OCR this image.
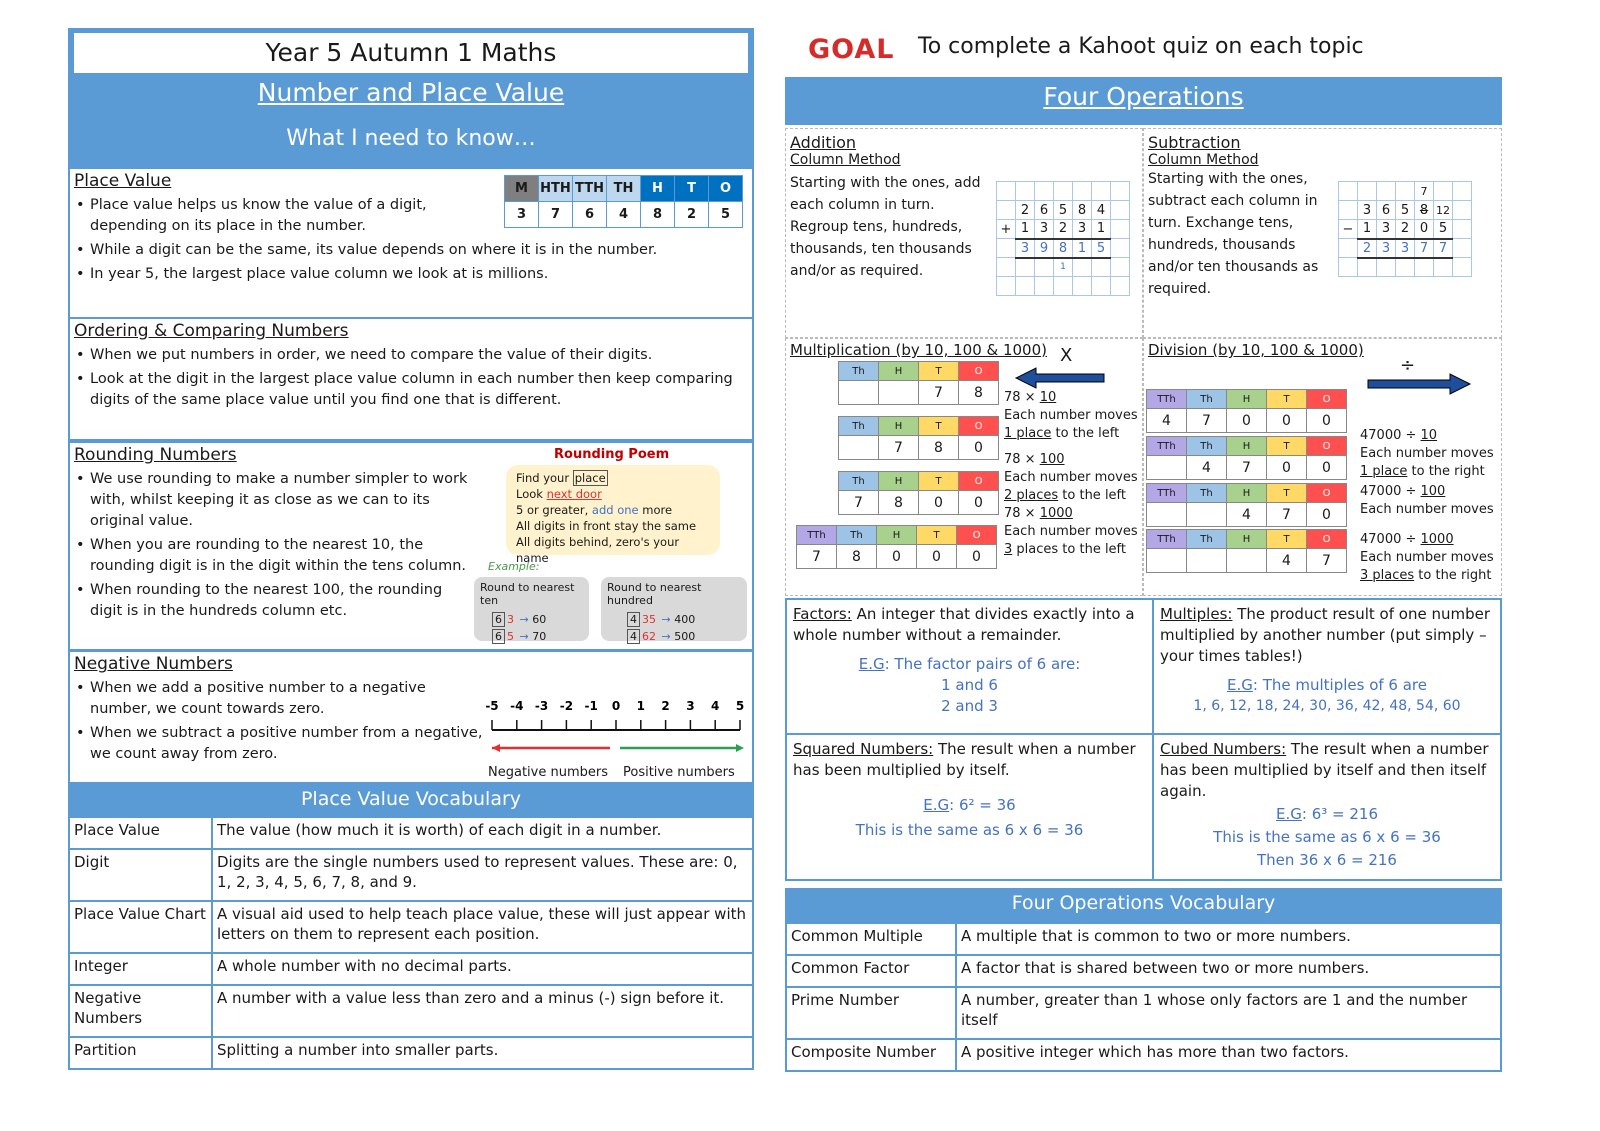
Year 5 Autumn 1 Maths
Number and Place Value
What I need to know…
Place Value
• Place value helps us know the value of a digit, depending on its place in the number.
• While a digit can be the same, its value depends on where it is in the number.
• In year 5, the largest place value column we look at is millions.
M	HTH	TTH	TH	H	T	O
3	7	6	4	8	2	5
Ordering & Comparing Numbers
• When we put numbers in order, we need to compare the value of their digits.
• Look at the digit in the largest place value column in each number then keep comparing digits of the same place value until you find one that is different.
Rounding Numbers
• We use rounding to make a number simpler to work with, whilst keeping it as close as we can to its original value.
• When you are rounding to the nearest 10, the rounding digit is in the digit within the tens column.
• When rounding to the nearest 100, the rounding digit is in the hundreds column etc.
Rounding Poem
Find your place
Look next door
5 or greater, add one more
All digits in front stay the same
All digits behind, zero's your name
Example:
Round to nearest ten
6 3 → 60
6 5 → 70
Round to nearest hundred
4 35 → 400
4 62 → 500
Negative Numbers
• When we add a positive number to a negative number, we count towards zero.
• When we subtract a positive number from a negative, we count away from zero.
-5 -4 -3 -2 -1 0 1 2 3 4 5
Negative numbers Positive numbers
Place Value Vocabulary
Place Value	The value (how much it is worth) of each digit in a number.
Digit	Digits are the single numbers used to represent values. These are: 0, 1, 2, 3, 4, 5, 6, 7, 8, and 9.
Place Value Chart	A visual aid used to help teach place value, these will just appear with letters on them to represent each position.
Integer	A whole number with no decimal parts.
Negative Numbers	A number with a value less than zero and a minus (-) sign before it.
Partition	Splitting a number into smaller parts.
GOAL To complete a Kahoot quiz on each topic
Four Operations
Addition
Column Method
Starting with the ones, add each column in turn. Regroup tens, hundreds, thousands, ten thousands and/or as required.

	2	6	5	8	4	
+	1	3	2	3	1	
	3	9	8	1	5	
			1			

Subtraction
Column Method
Starting with the ones, subtract each column in turn. Exchange tens, hundreds, thousands and/or ten thousands as required.
				7		
	3	6	5	8	12	
−	1	3	2	0	5	
	2	3	3	7	7	

Multiplication (by 10, 100 & 1000) X
Th	H	T	O
		7	8
Th	H	T	O
	7	8	0
Th	H	T	O
7	8	0	0
TTh	Th	H	T	O
7	8	0	0	0
78 × 10
Each number moves
1 place to the left
78 × 100
Each number moves
2 places to the left
78 × 1000
Each number moves
3 places to the left
Division (by 10, 100 & 1000)
÷
TTh	Th	H	T	O
4	7	0	0	0
TTh	Th	H	T	O
	4	7	0	0
TTh	Th	H	T	O
		4	7	0
TTh	Th	H	T	O
			4	7
47000 ÷ 10
Each number moves
1 place to the right
47000 ÷ 100
Each number moves
47000 ÷ 1000
Each number moves
3 places to the right
Factors: An integer that divides exactly into a whole number without a remainder.
E.G: The factor pairs of 6 are:
1 and 6
2 and 3
Multiples: The product result of one number multiplied by another number (put simply – your times tables!)
E.G: The multiples of 6 are
1, 6, 12, 18, 24, 30, 36, 42, 48, 54, 60
Squared Numbers: The result when a number has been multiplied by itself.
E.G: 6² = 36
This is the same as 6 x 6 = 36
Cubed Numbers: The result when a number has been multiplied by itself and then itself again.
E.G: 6³ = 216
This is the same as 6 x 6 = 36
Then 36 x 6 = 216
Four Operations Vocabulary
Common Multiple	A multiple that is common to two or more numbers.
Common Factor	A factor that is shared between two or more numbers.
Prime Number	A number, greater than 1 whose only factors are 1 and the number itself
Composite Number	A positive integer which has more than two factors.
